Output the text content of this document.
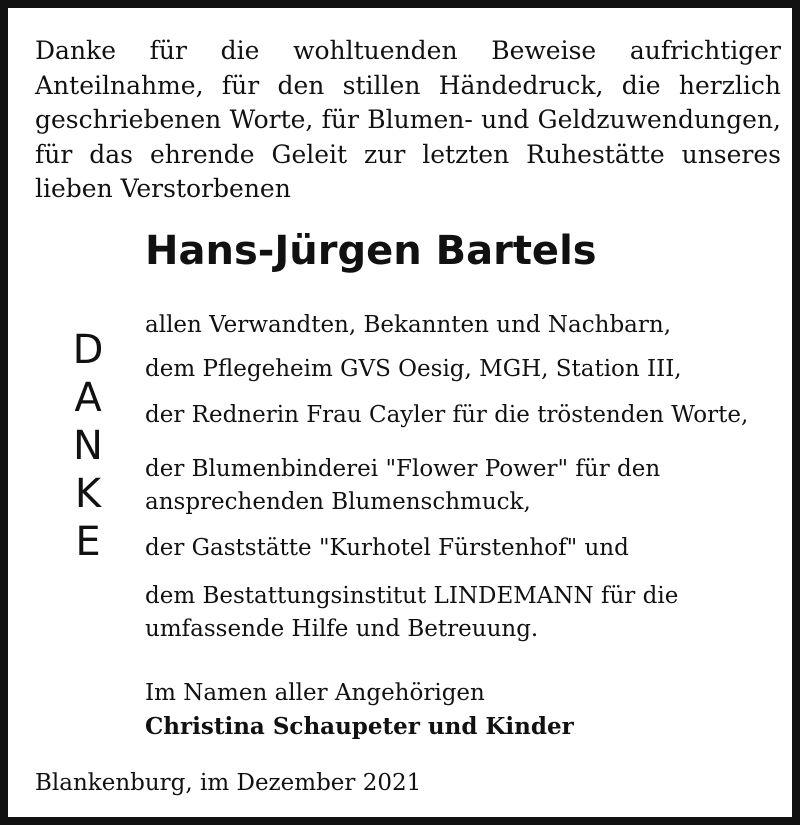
Danke für die wohltuenden Beweise aufrichtiger Anteilnahme, für den stillen Händedruck, die herzlich geschriebenen Worte, für Blumen- und Geldzuwendungen, für das ehrende Geleit zur letzten Ruhestätte unseres lieben Verstorbenen

Hans-Jürgen Bartels
D
A
N
K
E
allen Verwandten, Bekannten und Nachbarn,
dem Pflegeheim GVS Oesig, MGH, Station III,
der Rednerin Frau Cayler für die tröstenden Worte,
der Blumenbinderei "Flower Power" für den
ansprechenden Blumenschmuck,
der Gaststätte "Kurhotel Fürstenhof" und
dem Bestattungsinstitut LINDEMANN für die
umfassende Hilfe und Betreuung.
Im Namen aller Angehörigen
Christina Schaupeter und Kinder
Blankenburg, im Dezember 2021
